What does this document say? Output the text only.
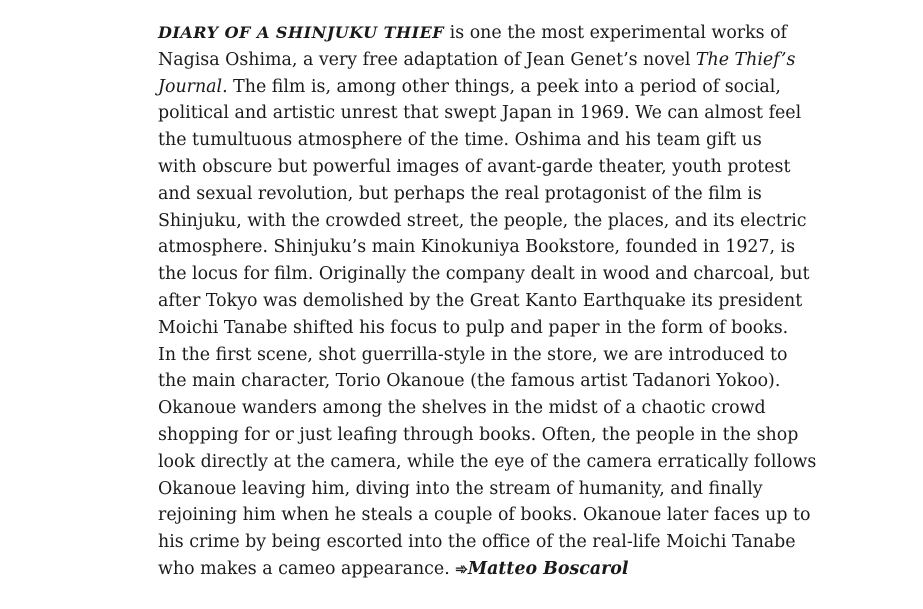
DIARY OF A SHINJUKU THIEF is one the most experimental works of
Nagisa Oshima, a very free adaptation of Jean Genet’s novel The Thief’s
Journal. The film is, among other things, a peek into a period of social,
political and artistic unrest that swept Japan in 1969. We can almost feel
the tumultuous atmosphere of the time. Oshima and his team gift us
with obscure but powerful images of avant-garde theater, youth protest
and sexual revolution, but perhaps the real protagonist of the film is
Shinjuku, with the crowded street, the people, the places, and its electric
atmosphere. Shinjuku’s main Kinokuniya Bookstore, founded in 1927, is
the locus for film. Originally the company dealt in wood and charcoal, but
after Tokyo was demolished by the Great Kanto Earthquake its president
Moichi Tanabe shifted his focus to pulp and paper in the form of books.
In the first scene, shot guerrilla-style in the store, we are introduced to
the main character, Torio Okanoue (the famous artist Tadanori Yokoo).
Okanoue wanders among the shelves in the midst of a chaotic crowd
shopping for or just leafing through books. Often, the people in the shop
look directly at the camera, while the eye of the camera erratically follows
Okanoue leaving him, diving into the stream of humanity, and finally
rejoining him when he steals a couple of books. Okanoue later faces up to
his crime by being escorted into the office of the real-life Moichi Tanabe
who makes a cameo appearance. ➾Matteo Boscarol
